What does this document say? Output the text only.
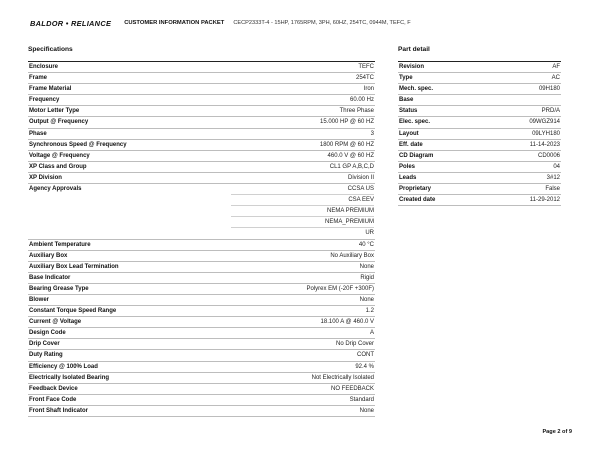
BALDOR • RELIANCE CUSTOMER INFORMATION PACKET CECP2333T-4 - 15HP, 1765RPM, 3PH, 60HZ, 254TC, 0944M, TEFC, F
Specifications	Part detail
Enclosure	TEFC
Frame	254TC
Frame Material	Iron
Frequency	60.00 Hz
Motor Letter Type	Three Phase
Output @ Frequency	15.000 HP @ 60 HZ
Phase	3
Synchronous Speed @ Frequency	1800 RPM @ 60 HZ
Voltage @ Frequency	460.0 V @ 60 HZ
XP Class and Group	CL1 GP A,B,C,D
XP Division	Division II
Agency Approvals	CCSA US
CSA EEV
NEMA PREMIUM
NEMA_PREMIUM
UR

Ambient Temperature	40 °C
Auxiliary Box	No Auxiliary Box
Auxiliary Box Lead Termination	None
Base Indicator	Rigid
Bearing Grease Type	Polyrex EM (-20F +300F)
Blower	None
Constant Torque Speed Range	1.2
Current @ Voltage	18.100 A @ 460.0 V
Design Code	A
Drip Cover	No Drip Cover
Duty Rating	CONT
Efficiency @ 100% Load	92.4 %
Electrically Isolated Bearing	Not Electrically Isolated
Feedback Device	NO FEEDBACK
Front Face Code	Standard
Front Shaft Indicator	None
Revision	AF
Type	AC
Mech. spec.	09H180
Base	
Status	PRD/A
Elec. spec.	09WGZ914
Layout	09LYH180
Eff. date	11-14-2023
CD Diagram	CD0006
Poles	04
Leads	3#12
Proprietary	False
Created date	11-29-2012
Page 2 of 9
